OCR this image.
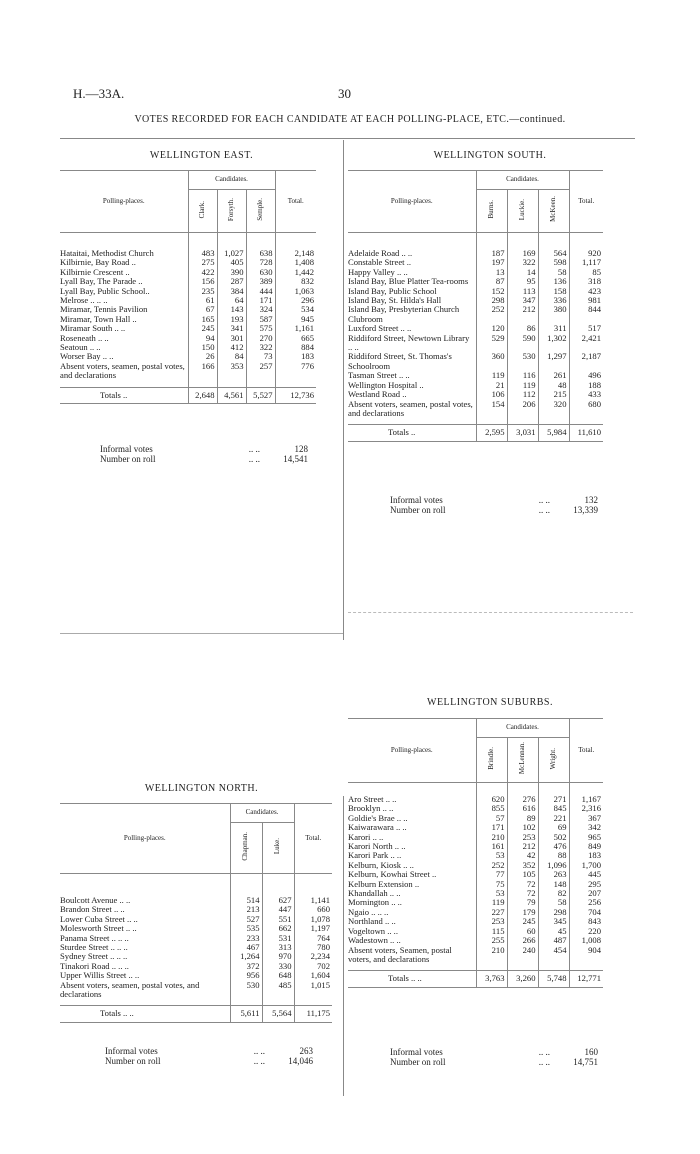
H.—33A.	30
VOTES RECORDED FOR EACH CANDIDATE AT EACH POLLING-PLACE, ETC.—continued.
WELLINGTON EAST.
Polling-places.	Candidates.			Total.
	Clark.	Forsyth.	Semple.	

Hataitai, Methodist Church	483	1,027	638	2,148
Kilbirnie, Bay Road ..	275	405	728	1,408
Kilbirnie Crescent ..	422	390	630	1,442
Lyall Bay, The Parade ..	156	287	389	832
Lyall Bay, Public School..	235	384	444	1,063
Melrose .. .. ..	61	64	171	296
Miramar, Tennis Pavilion	67	143	324	534
Miramar, Town Hall ..	165	193	587	945
Miramar South .. ..	245	341	575	1,161
Roseneath .. ..	94	301	270	665
Seatoun .. ..	150	412	322	884
Worser Bay .. ..	26	84	73	183
Absent voters, seamen, postal votes, and declarations	166	353	257	776

Totals ..	2,648	4,561	5,527	12,736
Informal votes	.. ..	128
Number on roll	.. ..	14,541
WELLINGTON SOUTH.
Polling-places.	Candidates.			Total.
	Burns.	Luckie.	McKeen.	

Adelaide Road .. ..	187	169	564	920
Constable Street ..	197	322	598	1,117
Happy Valley .. ..	13	14	58	85
Island Bay, Blue Platter Tea-rooms	87	95	136	318
Island Bay, Public School	152	113	158	423
Island Bay, St. Hilda's Hall	298	347	336	981
Island Bay, Presbyterian Church Clubroom	252	212	380	844
Luxford Street .. ..	120	86	311	517
Riddiford Street, Newtown Library .. ..	529	590	1,302	2,421
Riddiford Street, St. Thomas's Schoolroom	360	530	1,297	2,187
Tasman Street .. ..	119	116	261	496
Wellington Hospital ..	21	119	48	188
Westland Road ..	106	112	215	433
Absent voters, seamen, postal votes, and declarations	154	206	320	680

Totals ..	2,595	3,031	5,984	11,610
Informal votes	.. ..	132
Number on roll	.. ..	13,339
WELLINGTON SUBURBS.
Polling-places.	Candidates.			Total.
	Brindle.	McLennan.	Wright.	

Aro Street .. ..	620	276	271	1,167
Brooklyn .. ..	855	616	845	2,316
Goldie's Brae .. ..	57	89	221	367
Kaiwarawara .. ..	171	102	69	342
Karori .. ..	210	253	502	965
Karori North .. ..	161	212	476	849
Karori Park .. ..	53	42	88	183
Kelburn, Kiosk .. ..	252	352	1,096	1,700
Kelburn, Kowhai Street ..	77	105	263	445
Kelburn Extension ..	75	72	148	295
Khandallah .. ..	53	72	82	207
Mornington .. ..	119	79	58	256
Ngaio .. .. ..	227	179	298	704
Northland .. ..	253	245	345	843
Vogeltown .. ..	115	60	45	220
Wadestown .. ..	255	266	487	1,008
Absent voters, Seamen, postal voters, and declarations	210	240	454	904

Totals .. ..	3,763	3,260	5,748	12,771
Informal votes	.. ..	160
Number on roll	.. ..	14,751
WELLINGTON NORTH.
Polling-places.	Candidates.		Total.
	Chapman.	Luke.	

Boulcott Avenue .. ..	514	627	1,141
Brandon Street .. ..	213	447	660
Lower Cuba Street .. ..	527	551	1,078
Molesworth Street .. ..	535	662	1,197
Panama Street .. .. ..	233	531	764
Sturdee Street .. .. ..	467	313	780
Sydney Street .. .. ..	1,264	970	2,234
Tinakori Road .. .. ..	372	330	702
Upper Willis Street .. ..	956	648	1,604
Absent voters, seamen, postal votes, and declarations	530	485	1,015

Totals .. ..	5,611	5,564	11,175
Informal votes	.. ..	263
Number on roll	.. ..	14,046
